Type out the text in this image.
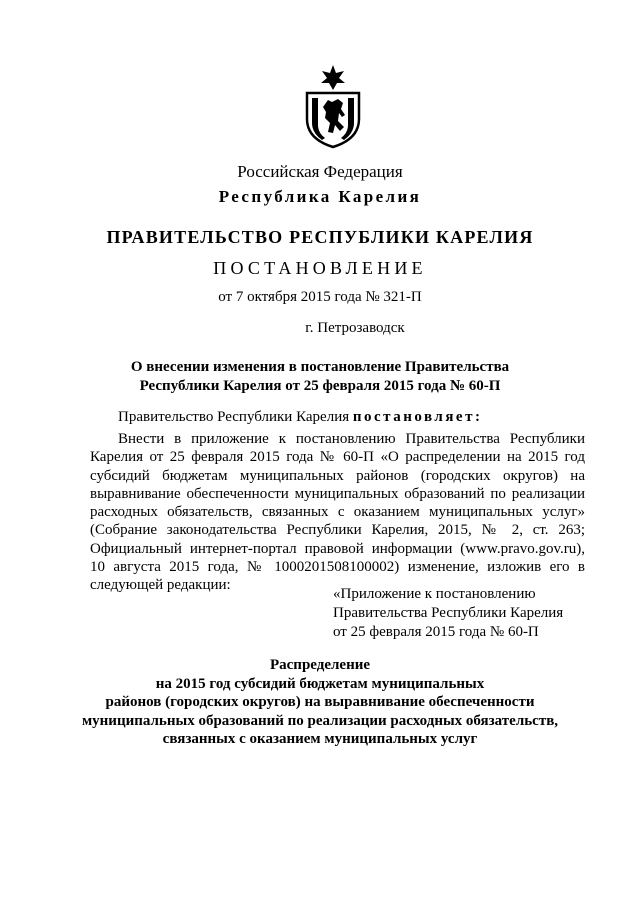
Российская Федерация
Республика Карелия
ПРАВИТЕЛЬСТВО РЕСПУБЛИКИ КАРЕЛИЯ
ПОСТАНОВЛЕНИЕ
от 7 октября 2015 года № 321-П
г. Петрозаводск
О внесении изменения в постановление Правительства
Республики Карелия от 25 февраля 2015 года № 60-П
Правительство Республики Карелия постановляет:
Внести в приложение к постановлению Правительства Республики Карелия от 25 февраля 2015 года № 60-П «О распределении на 2015 год субсидий бюджетам муниципальных районов (городских округов) на выравнивание обеспеченности муниципальных образований по реализации расходных обязательств, связанных с оказанием муниципальных услуг» (Собрание законодательства Республики Карелия, 2015, № 2, ст. 263; Официальный интернет-портал правовой информации (www.pravo.gov.ru), 10 августа 2015 года, № 1000201508100002) изменение, изложив его в следующей редакции:
«Приложение к постановлению
Правительства Республики Карелия
от 25 февраля 2015 года № 60-П
Распределение
на 2015 год субсидий бюджетам муниципальных
районов (городских округов) на выравнивание обеспеченности
муниципальных образований по реализации расходных обязательств,
связанных с оказанием муниципальных услуг
